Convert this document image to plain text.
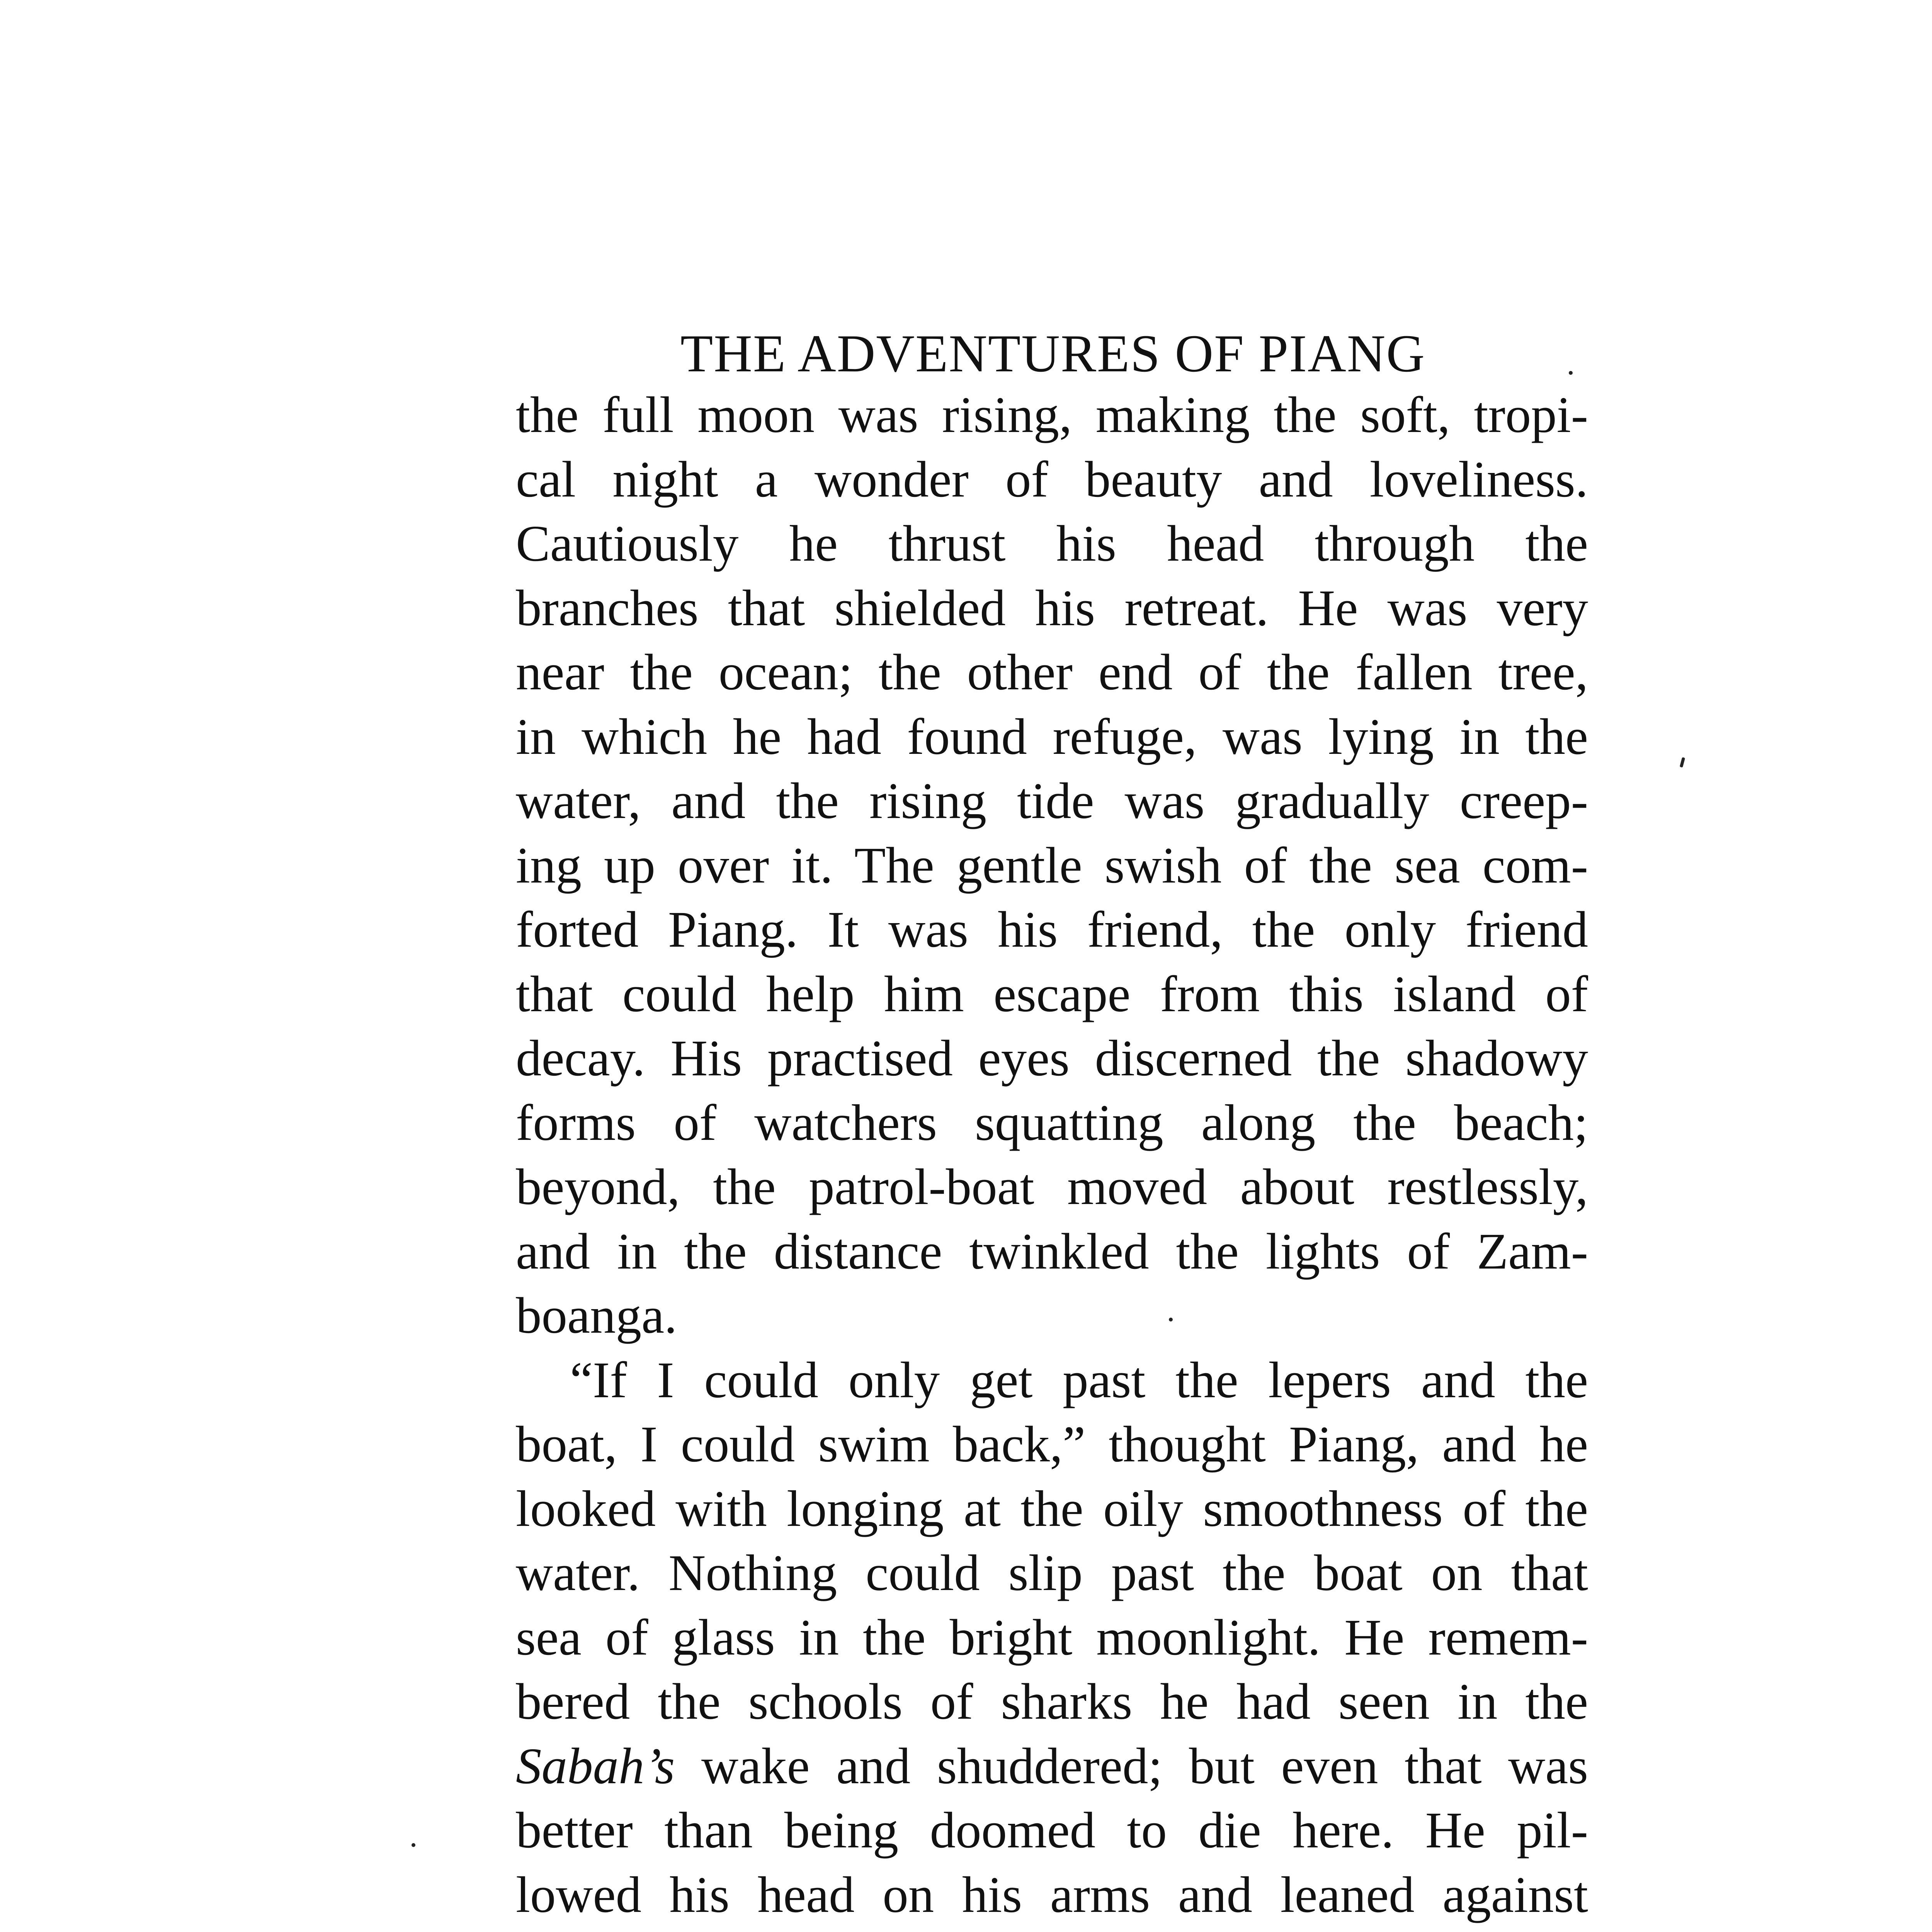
THE ADVENTURES OF PIANG
the full moon was rising, making the soft, tropi-
cal night a wonder of beauty and loveliness.
Cautiously he thrust his head through the
branches that shielded his retreat. He was very
near the ocean; the other end of the fallen tree,
in which he had found refuge, was lying in the
water, and the rising tide was gradually creep-
ing up over it. The gentle swish of the sea com-
forted Piang. It was his friend, the only friend
that could help him escape from this island of
decay. His practised eyes discerned the shadowy
forms of watchers squatting along the beach;
beyond, the patrol-boat moved about restlessly,
and in the distance twinkled the lights of Zam-
boanga.
“If I could only get past the lepers and the
boat, I could swim back,” thought Piang, and he
looked with longing at the oily smoothness of the
water. Nothing could slip past the boat on that
sea of glass in the bright moonlight. He remem-
bered the schools of sharks he had seen in the
Sabah’s wake and shuddered; but even that was
better than being doomed to die here. He pil-
lowed his head on his arms and leaned against
